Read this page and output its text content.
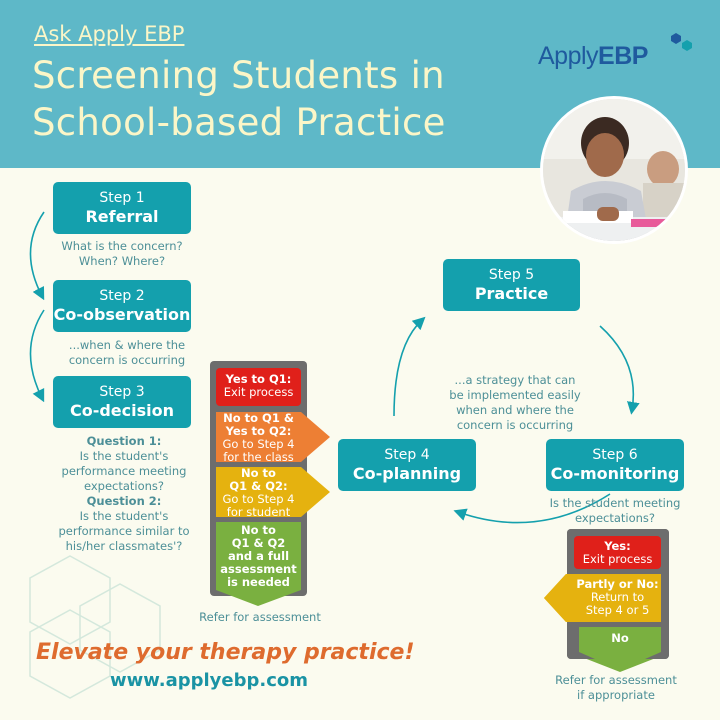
Ask Apply EBP
Screening Students in School-based Practice
ApplyEBP
Step 1
Referral
What is the concern?
When? Where?
Step 2
Co-observation
...when & where the
concern is occurring
Step 3
Co-decision
Question 1:
Is the student's
performance meeting
expectations?
Question 2:
Is the student's
performance similar to
his/her classmates'?
Step 4
Co-planning
Step 5
Practice
...a strategy that can
be implemented easily
when and where the
concern is occurring
Step 6
Co-monitoring
Is the student meeting
expectations?
Yes to Q1:
Exit process
No to Q1 &
Yes to Q2:
Go to Step 4
for the class
No to
Q1 & Q2:
Go to Step 4
for student
No to
Q1 & Q2
and a full
assessment
is needed
Refer for assessment
Yes:
Exit process
Partly or No:
Return to
Step 4 or 5
No
Refer for assessment
if appropriate
Elevate your therapy practice!
www.applyebp.com
